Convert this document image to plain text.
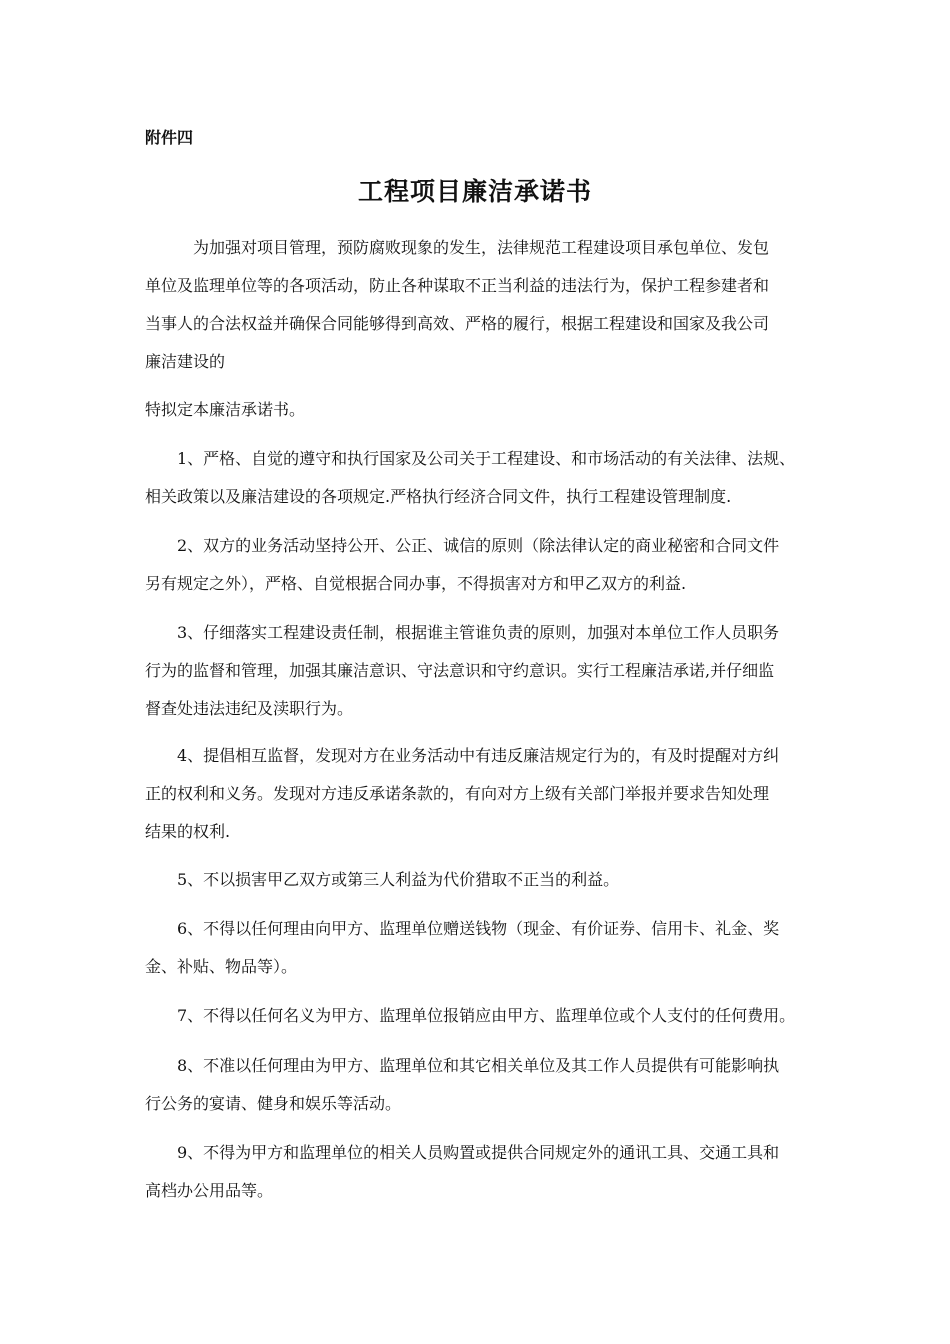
附件四
工程项目廉洁承诺书
为加强对项目管理，预防腐败现象的发生，法律规范工程建设项目承包单位、发包
单位及监理单位等的各项活动，防止各种谋取不正当利益的违法行为，保护工程参建者和
当事人的合法权益并确保合同能够得到高效、严格的履行，根据工程建设和国家及我公司
廉洁建设的
特拟定本廉洁承诺书。
1、严格、自觉的遵守和执行国家及公司关于工程建设、和市场活动的有关法律、法规、
相关政策以及廉洁建设的各项规定.严格执行经济合同文件，执行工程建设管理制度.
2、双方的业务活动坚持公开、公正、诚信的原则（除法律认定的商业秘密和合同文件
另有规定之外），严格、自觉根据合同办事，不得损害对方和甲乙双方的利益.
3、仔细落实工程建设责任制，根据谁主管谁负责的原则，加强对本单位工作人员职务
行为的监督和管理，加强其廉洁意识、守法意识和守约意识。实行工程廉洁承诺,并仔细监
督查处违法违纪及渎职行为。
4、提倡相互监督，发现对方在业务活动中有违反廉洁规定行为的，有及时提醒对方纠
正的权利和义务。发现对方违反承诺条款的，有向对方上级有关部门举报并要求告知处理
结果的权利.
5、不以损害甲乙双方或第三人利益为代价猎取不正当的利益。
6、不得以任何理由向甲方、监理单位赠送钱物（现金、有价证券、信用卡、礼金、奖
金、补贴、物品等）。
7、不得以任何名义为甲方、监理单位报销应由甲方、监理单位或个人支付的任何费用。
8、不准以任何理由为甲方、监理单位和其它相关单位及其工作人员提供有可能影响执
行公务的宴请、健身和娱乐等活动。
9、不得为甲方和监理单位的相关人员购置或提供合同规定外的通讯工具、交通工具和
高档办公用品等。
